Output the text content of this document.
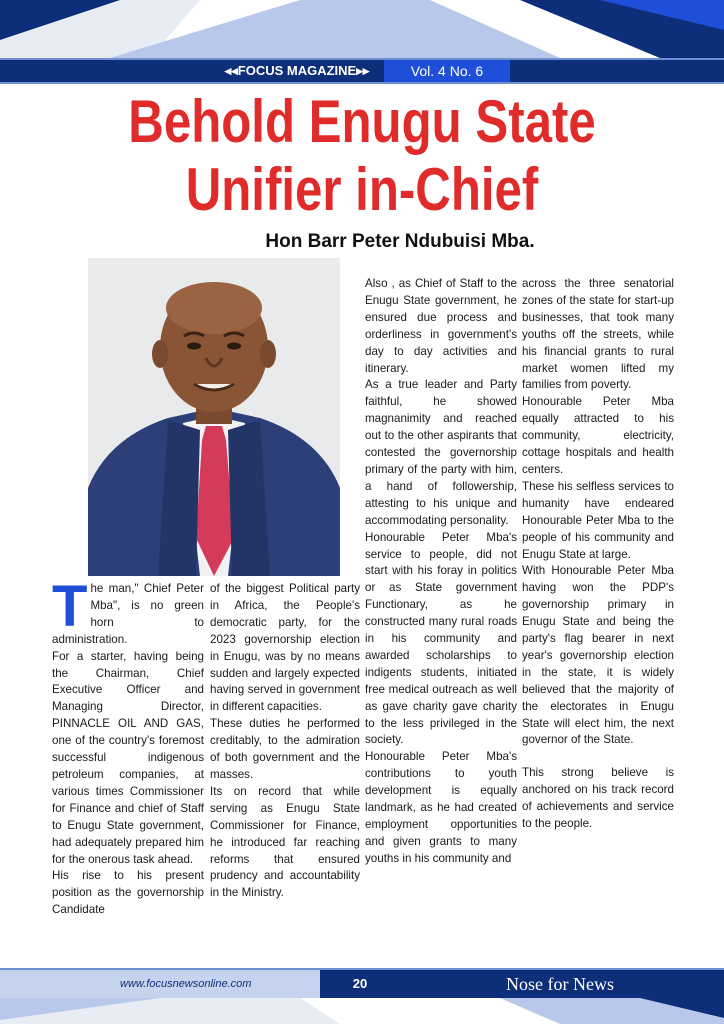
◂◂FOCUS MAGAZINE▸▸	Vol. 4 No. 6
Behold Enugu State
Unifier in-Chief
Hon Barr Peter Ndubuisi Mba.
T he man," Chief Peter Mba", is no green horn to administration.

For a starter, having being the Chairman, Chief Executive Officer and Managing Director, PINNACLE OIL AND GAS, one of the country's foremost successful indigenous petroleum companies, at various times Commissioner for Finance and chief of Staff to Enugu State government, had adequately prepared him for the onerous task ahead.

His rise to his present position as the governorship Candidate

of the biggest Political party in Africa, the People's democratic party, for the 2023 governorship election in Enugu, was by no means sudden and largely expected having served in government in different capacities.

These duties he performed creditably, to the admiration of both government and the masses.

Its on record that while serving as Enugu State Commissioner for Finance, he introduced far reaching reforms that ensured prudency and accountability in the Ministry.

Also , as Chief of Staff to the Enugu State government, he ensured due process and orderliness in government's day to day activities and itinerary.

As a true leader and Party faithful, he showed magnanimity and reached out to the other aspirants that contested the governorship primary of the party with him, a hand of followership, attesting to his unique and accommodating personality.

Honourable Peter Mba's service to people, did not start with his foray in politics or as State government Functionary, as he constructed many rural roads in his community and awarded scholarships to indigents students, initiated free medical outreach as well as gave charity gave charity to the less privileged in the society.

Honourable Peter Mba's contributions to youth development is equally landmark, as he had created employment opportunities and given grants to many youths in his community and

across the three senatorial zones of the state for start-up businesses, that took many youths off the streets, while his financial grants to rural market women lifted my families from poverty.

Honourable Peter Mba equally attracted to his community, electricity, cottage hospitals and health centers.

These his selfless services to humanity have endeared Honourable Peter Mba to the people of his community and Enugu State at large.

With Honourable Peter Mba having won the PDP's governorship primary in Enugu State and being the party's flag bearer in next year's governorship election in the state, it is widely believed that the majority of the electorates in Enugu State will elect him, the next governor of the State.

This strong believe is anchored on his track record of achievements and service to the people.

www.focusnewsonline.com	20	Nose for News
